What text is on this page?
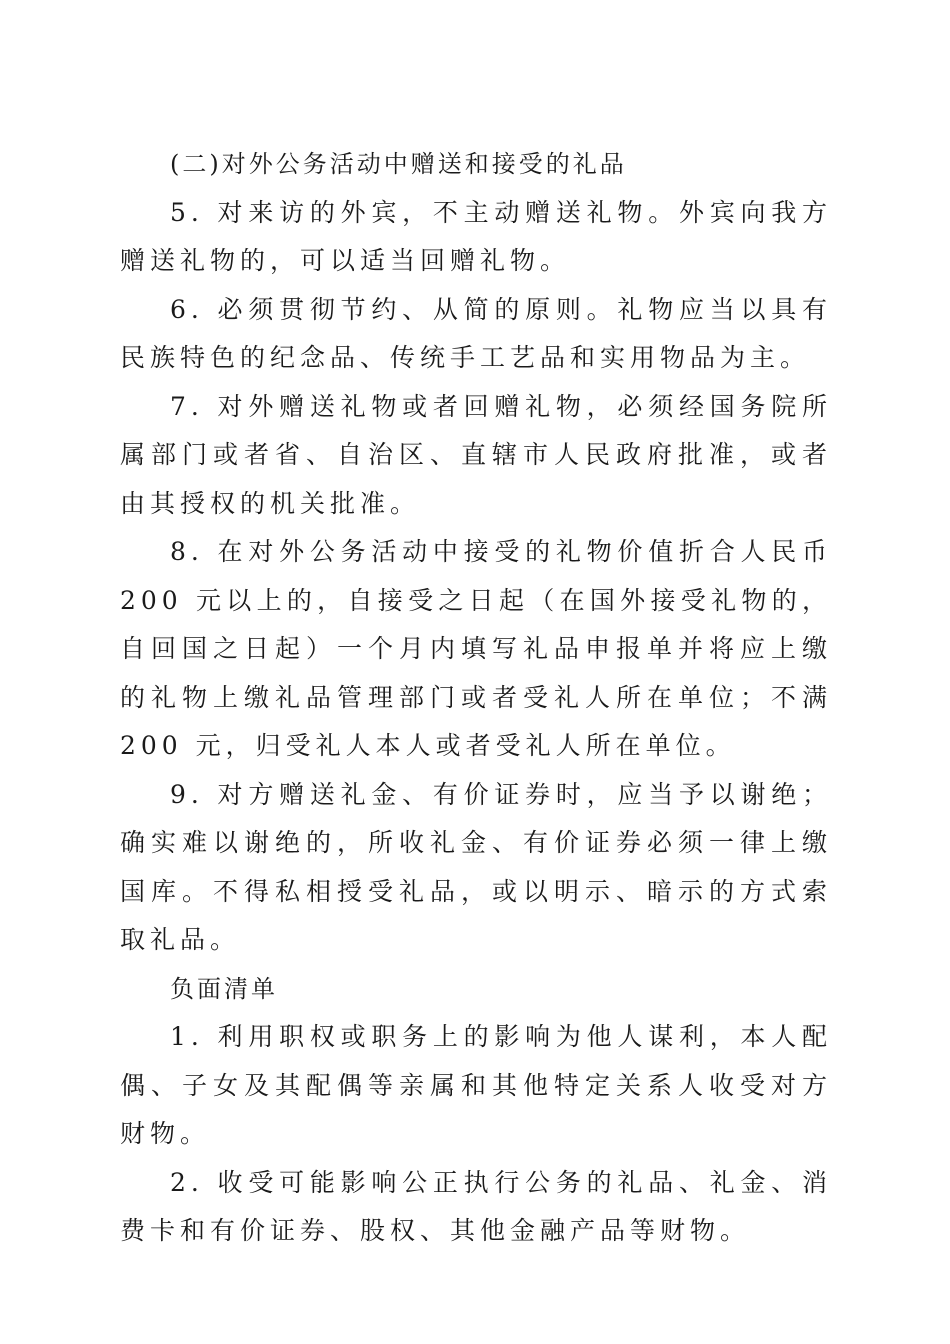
(二)对外公务活动中赠送和接受的礼品

5. 对来访的外宾，不主动赠送礼物。外宾向我方赠送礼物的，可以适当回赠礼物。

6. 必须贯彻节约、从简的原则。礼物应当以具有民族特色的纪念品、传统手工艺品和实用物品为主。

7. 对外赠送礼物或者回赠礼物，必须经国务院所属部门或者省、自治区、直辖市人民政府批准，或者由其授权的机关批准。

8. 在对外公务活动中接受的礼物价值折合人民币 200 元以上的，自接受之日起（在国外接受礼物的，自回国之日起）一个月内填写礼品申报单并将应上缴的礼物上缴礼品管理部门或者受礼人所在单位；不满 200 元，归受礼人本人或者受礼人所在单位。

9. 对方赠送礼金、有价证券时，应当予以谢绝；确实难以谢绝的，所收礼金、有价证券必须一律上缴国库。不得私相授受礼品，或以明示、暗示的方式索取礼品。

负面清单

1. 利用职权或职务上的影响为他人谋利，本人配偶、子女及其配偶等亲属和其他特定关系人收受对方财物。

2. 收受可能影响公正执行公务的礼品、礼金、消费卡和有价证券、股权、其他金融产品等财物。
